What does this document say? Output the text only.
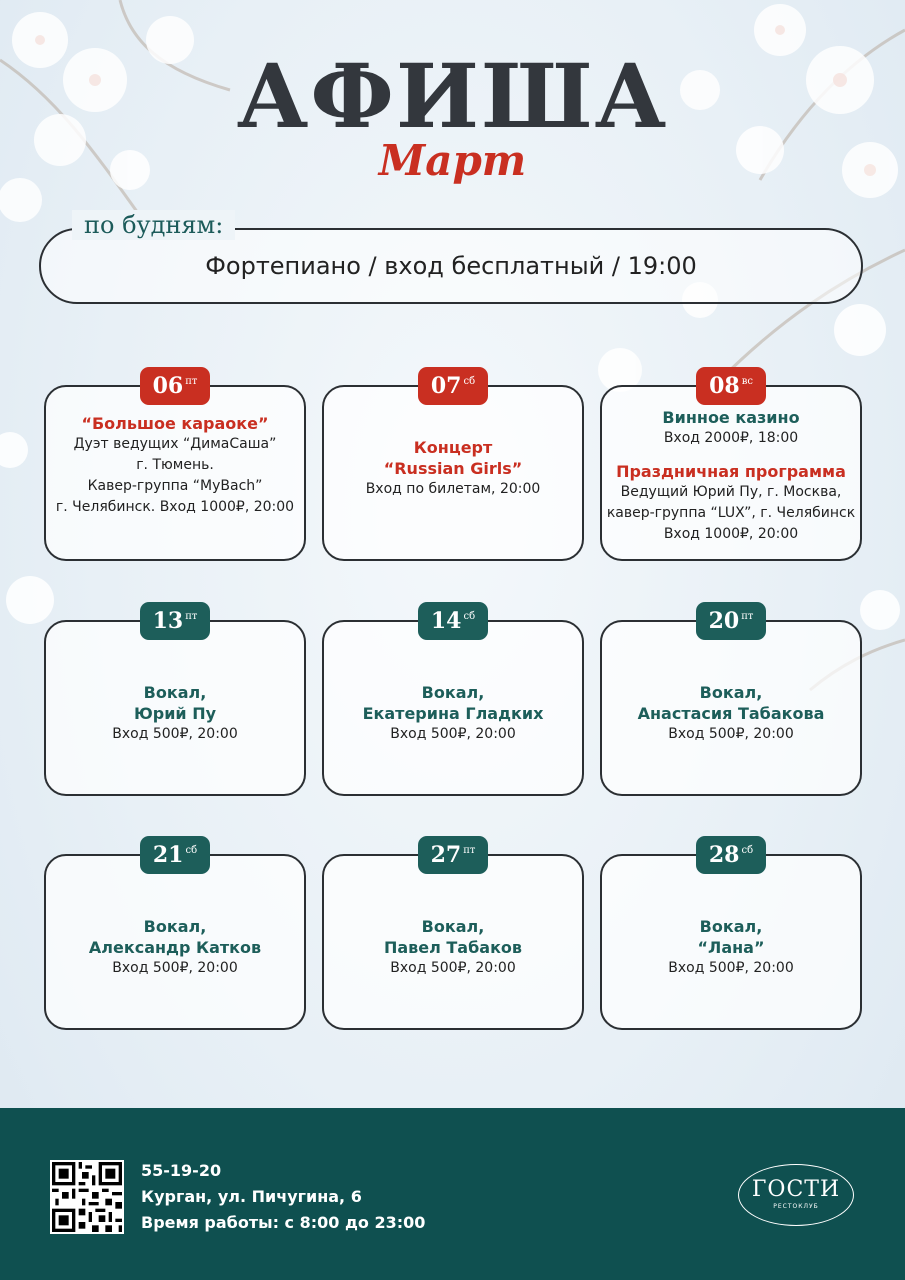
АФИША
Март
Фортепиано / вход бесплатный / 19:00
по будням:
06 $^{пт}$
“Большое караоке”
Дуэт ведущих “ДимаСаша”
г. Тюмень.
Кавер-группа “MyBach”
г. Челябинск. Вход 1000₽, 20:00
07 $^{сб}$
Концерт
“Russian Girls”
Вход по билетам, 20:00
08 $^{вс}$
Винное казино
Вход 2000₽, 18:00
Праздничная программа
Ведущий Юрий Пу, г. Москва,
кавер-группа “LUX”, г. Челябинск
Вход 1000₽, 20:00
13 $^{пт}$
Вокал,
Юрий Пу
Вход 500₽, 20:00
14 $^{сб}$
Вокал,
Екатерина Гладких
Вход 500₽, 20:00
20 $^{пт}$
Вокал,
Анастасия Табакова
Вход 500₽, 20:00
21 $^{сб}$
Вокал,
Александр Катков
Вход 500₽, 20:00
27 $^{пт}$
Вокал,
Павел Табаков
Вход 500₽, 20:00
28 $^{сб}$
Вокал,
“Лана”
Вход 500₽, 20:00
55-19-20
Курган, ул. Пичугина, 6
Время работы: с 8:00 до 23:00
ГОСТИ
РЕСТОКЛУБ
